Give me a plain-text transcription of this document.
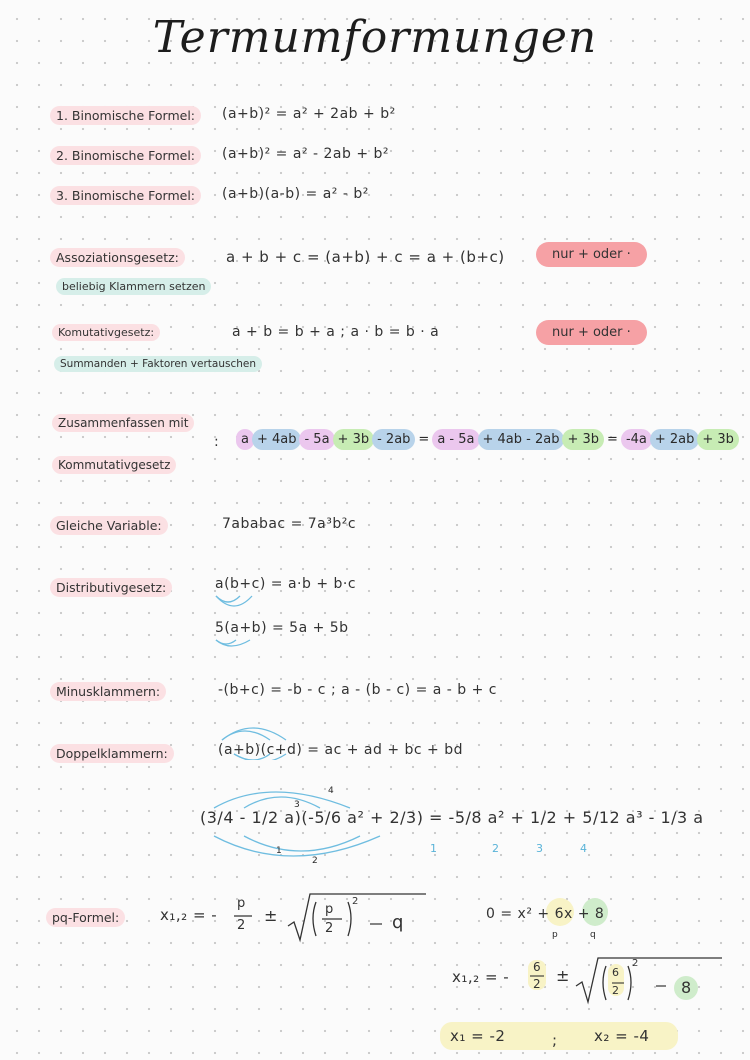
Termumformungen
1. Binomische Formel:	(a+b)² = a² + 2ab + b²
2. Binomische Formel:	(a+b)² = a² - 2ab + b²
3. Binomische Formel:	(a+b)(a-b) = a² - b²
Assoziationsgesetz:	a + b + c = (a+b) + c = a + (b+c)	nur + oder ·
beliebig Klammern setzen
Komutativgesetz:	a + b = b + a ; a · b = b · a	nur + oder ·
Summanden + Faktoren vertauschen
Zusammenfassen mit
Kommutativgesetz
:	a + 4ab - 5a + 3b - 2ab = a - 5a + 4ab - 2ab + 3b = -4a + 2ab + 3b
Gleiche Variable:	7ababac = 7a³b²c
Distributivgesetz:	a(b+c) = a·b + b·c
5(a+b) = 5a + 5b
Minusklammern:	-(b+c) = -b - c ; a - (b - c) = a - b + c
Doppelklammern:	(a+b)(c+d) = ac + ad + bc + bd
(3/4 - 1/2 a)(-5/6 a² + 2/3) = -5/8 a² + 1/2 + 5/12 a³ - 1/3 a
4
3
1
2
1	2	3	4
pq-Formel:	x₁,₂ = -
p
2
±	p
2
2
q	0 = x² + 6x + 8
p	q
x₁,₂ = -
6
2 ±	6
2
2
8
x₁ = -2	; x₂ = -4
